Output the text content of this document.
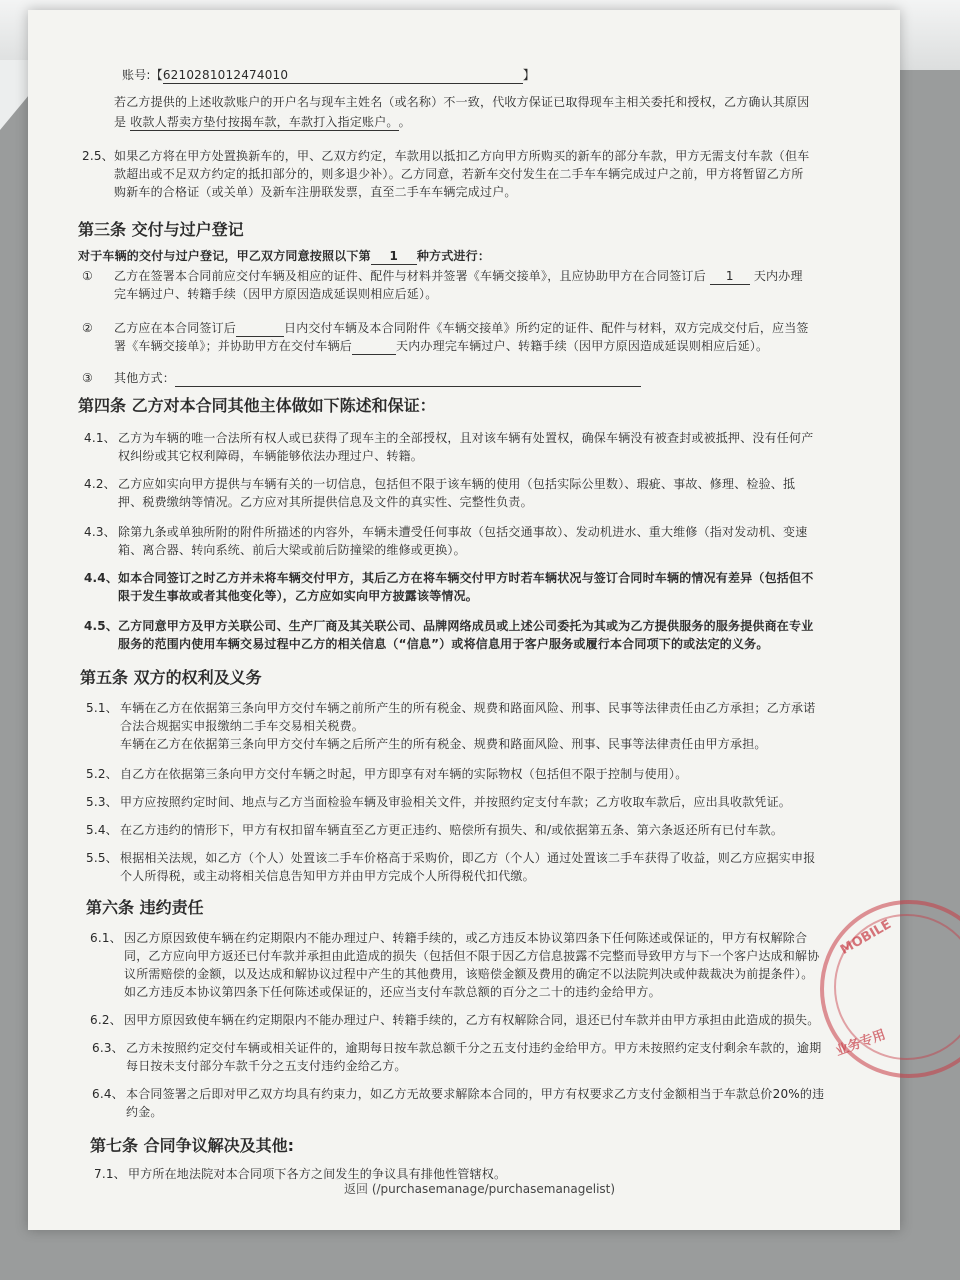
账号:【6210281012474010	】
若乙方提供的上述收款账户的开户名与现车主姓名（或名称）不一致，代收方保证已取得现车主相关委托和授权，乙方确认其原因
是 收款人帮卖方垫付按揭车款，车款打入指定账户。。
2.5、 如果乙方将在甲方处置换新车的，甲、乙双方约定，车款用以抵扣乙方向甲方所购买的新车的部分车款，甲方无需支付车款（但车
款超出或不足双方约定的抵扣部分的，则多退少补）。乙方同意，若新车交付发生在二手车车辆完成过户之前，甲方将暂留乙方所
购新车的合格证（或关单）及新车注册联发票，直至二手车车辆完成过户。
第三条 交付与过户登记
对于车辆的交付与过户登记，甲乙双方同意按照以下第 1 种方式进行：
① 乙方在签署本合同前应交付车辆及相应的证件、配件与材料并签署《车辆交接单》，且应协助甲方在合同签订后 1 天内办理
完车辆过户、转籍手续（因甲方原因造成延误则相应后延）。
② 乙方应在本合同签订后	日内交付车辆及本合同附件《车辆交接单》所约定的证件、配件与材料，双方完成交付后，应当签
署《车辆交接单》；并协助甲方在交付车辆后	天内办理完车辆过户、转籍手续（因甲方原因造成延误则相应后延）。
③ 其他方式：
第四条 乙方对本合同其他主体做如下陈述和保证：
4.1、 乙方为车辆的唯一合法所有权人或已获得了现车主的全部授权，且对该车辆有处置权，确保车辆没有被查封或被抵押、没有任何产
权纠纷或其它权利障碍，车辆能够依法办理过户、转籍。
4.2、 乙方应如实向甲方提供与车辆有关的一切信息，包括但不限于该车辆的使用（包括实际公里数）、瑕疵、事故、修理、检验、抵
押、税费缴纳等情况。乙方应对其所提供信息及文件的真实性、完整性负责。
4.3、 除第九条或单独所附的附件所描述的内容外，车辆未遭受任何事故（包括交通事故）、发动机进水、重大维修（指对发动机、变速
箱、离合器、转向系统、前后大梁或前后防撞梁的维修或更换）。
4.4、 如本合同签订之时乙方并未将车辆交付甲方，其后乙方在将车辆交付甲方时若车辆状况与签订合同时车辆的情况有差异（包括但不
限于发生事故或者其他变化等），乙方应如实向甲方披露该等情况。
4.5、 乙方同意甲方及甲方关联公司、生产厂商及其关联公司、品牌网络成员或上述公司委托为其或为乙方提供服务的服务提供商在专业
服务的范围内使用车辆交易过程中乙方的相关信息（“信息”）或将信息用于客户服务或履行本合同项下的或法定的义务。
第五条 双方的权利及义务
5.1、 车辆在乙方在依据第三条向甲方交付车辆之前所产生的所有税金、规费和路面风险、刑事、民事等法律责任由乙方承担；乙方承诺
合法合规据实申报缴纳二手车交易相关税费。
车辆在乙方在依据第三条向甲方交付车辆之后所产生的所有税金、规费和路面风险、刑事、民事等法律责任由甲方承担。
5.2、 自乙方在依据第三条向甲方交付车辆之时起，甲方即享有对车辆的实际物权（包括但不限于控制与使用）。
5.3、 甲方应按照约定时间、地点与乙方当面检验车辆及审验相关文件，并按照约定支付车款；乙方收取车款后，应出具收款凭证。
5.4、 在乙方违约的情形下，甲方有权扣留车辆直至乙方更正违约、赔偿所有损失、和/或依据第五条、第六条返还所有已付车款。
5.5、 根据相关法规，如乙方（个人）处置该二手车价格高于采购价，即乙方（个人）通过处置该二手车获得了收益，则乙方应据实申报
个人所得税，或主动将相关信息告知甲方并由甲方完成个人所得税代扣代缴。
第六条 违约责任
6.1、 因乙方原因致使车辆在约定期限内不能办理过户、转籍手续的，或乙方违反本协议第四条下任何陈述或保证的，甲方有权解除合
同，乙方应向甲方返还已付车款并承担由此造成的损失（包括但不限于因乙方信息披露不完整而导致甲方与下一个客户达成和解协
议所需赔偿的金额，以及达成和解协议过程中产生的其他费用，该赔偿金额及费用的确定不以法院判决或仲裁裁决为前提条件）。
如乙方违反本协议第四条下任何陈述或保证的，还应当支付车款总额的百分之二十的违约金给甲方。
6.2、 因甲方原因致使车辆在约定期限内不能办理过户、转籍手续的，乙方有权解除合同，退还已付车款并由甲方承担由此造成的损失。
6.3、 乙方未按照约定交付车辆或相关证件的，逾期每日按车款总额千分之五支付违约金给甲方。甲方未按照约定支付剩余车款的，逾期
每日按未支付部分车款千分之五支付违约金给乙方。
6.4、 本合同签署之后即对甲乙双方均具有约束力，如乙方无故要求解除本合同的，甲方有权要求乙方支付金额相当于车款总价20%的违
约金。
第七条 合同争议解决及其他:
7.1、 甲方所在地法院对本合同项下各方之间发生的争议具有排他性管辖权。
返回 (/purchasemanage/purchasemanagelist)
MOBILE
业务专用
